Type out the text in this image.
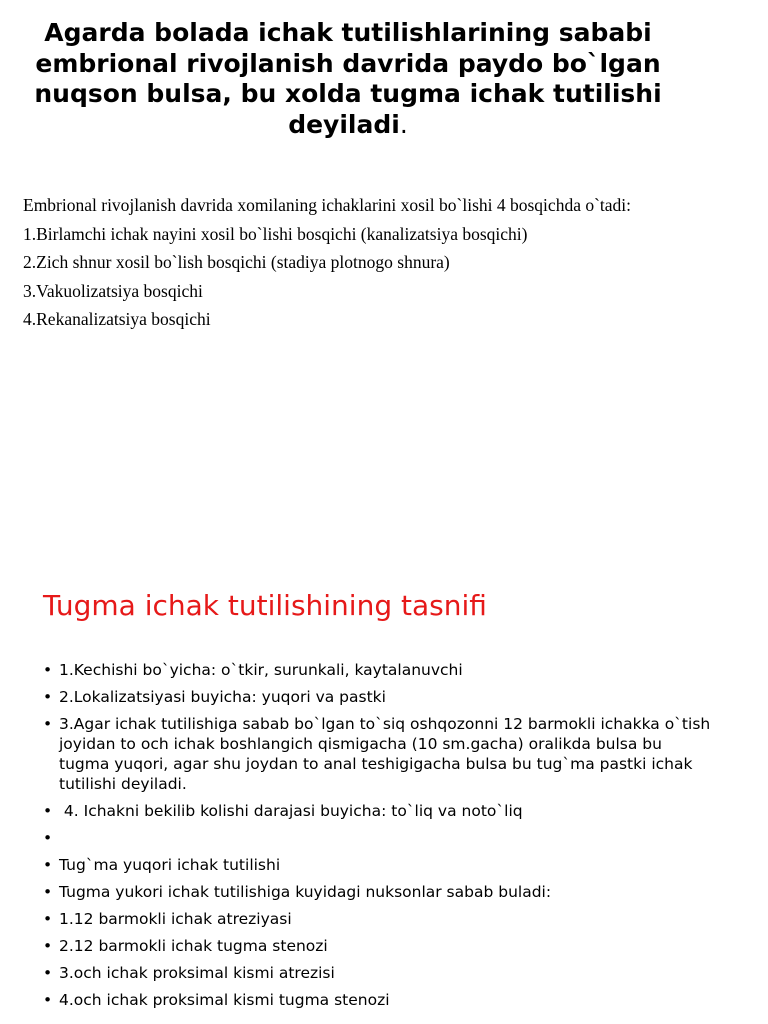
Agarda bolada ichak tutilishlarining sababi embrional rivojlanish davrida paydo bo`lgan nuqson bulsa, bu xolda tugma ichak tutilishi deyiladi.

Embrional rivojlanish davrida xomilaning ichaklarini xosil bo`lishi 4 bosqichda o`tadi:

1.Birlamchi ichak nayini xosil bo`lishi bosqichi (kanalizatsiya bosqichi)

2.Zich shnur xosil bo`lish bosqichi (stadiya plotnogo shnura)

3.Vakuolizatsiya bosqichi

4.Rekanalizatsiya bosqichi

Tugma ichak tutilishining tasnifi
• 1.Kechishi bo`yicha: o`tkir, surunkali, kaytalanuvchi
• 2.Lokalizatsiyasi buyicha: yuqori va pastki
• 3.Agar ichak tutilishiga sabab bo`lgan to`siq oshqozonni 12 barmokli ichakka o`tish joyidan to och ichak boshlangich qismigacha (10 sm.gacha) oralikda bulsa bu tugma yuqori, agar shu joydan to anal teshigigacha bulsa bu tug`ma pastki ichak tutilishi deyiladi.
• 4. Ichakni bekilib kolishi darajasi buyicha: to`liq va noto`liq
•
• Tug`ma yuqori ichak tutilishi
• Tugma yukori ichak tutilishiga kuyidagi nuksonlar sabab buladi:
• 1.12 barmokli ichak atreziyasi
• 2.12 barmokli ichak tugma stenozi
• 3.och ichak proksimal kismi atrezisi
• 4.och ichak proksimal kismi tugma stenozi
